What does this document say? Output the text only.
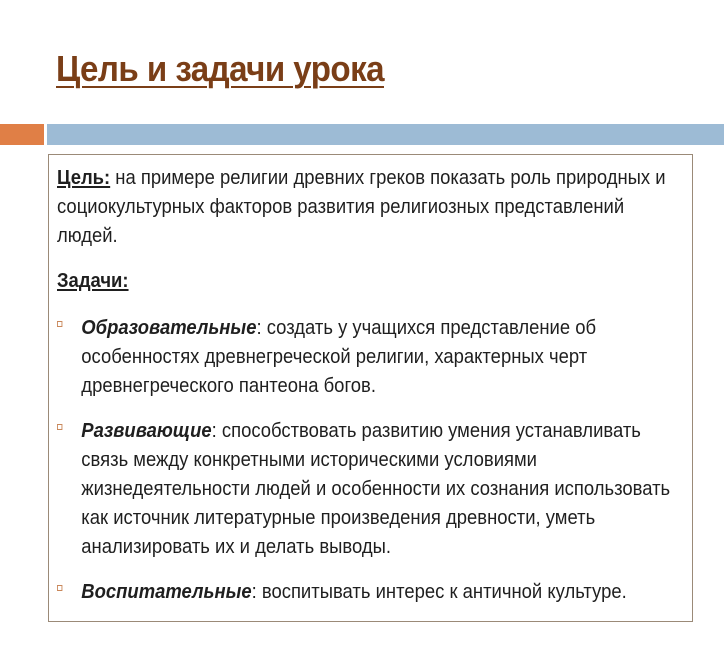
Цель и задачи урока

Цель: на примере религии древних греков показать роль природных и социокультурных факторов развития религиозных представлений людей.

Задачи:

Образовательные: создать у учащихся представление об особенностях древнегреческой религии, характерных черт древнегреческого пантеона богов.
Развивающие: способствовать развитию умения устанавливать связь между конкретными историческими условиями жизнедеятельности людей и особенности их сознания использовать как источник литературные произведения древности, уметь анализировать их и делать выводы.
Воспитательные: воспитывать интерес к античной культуре.
